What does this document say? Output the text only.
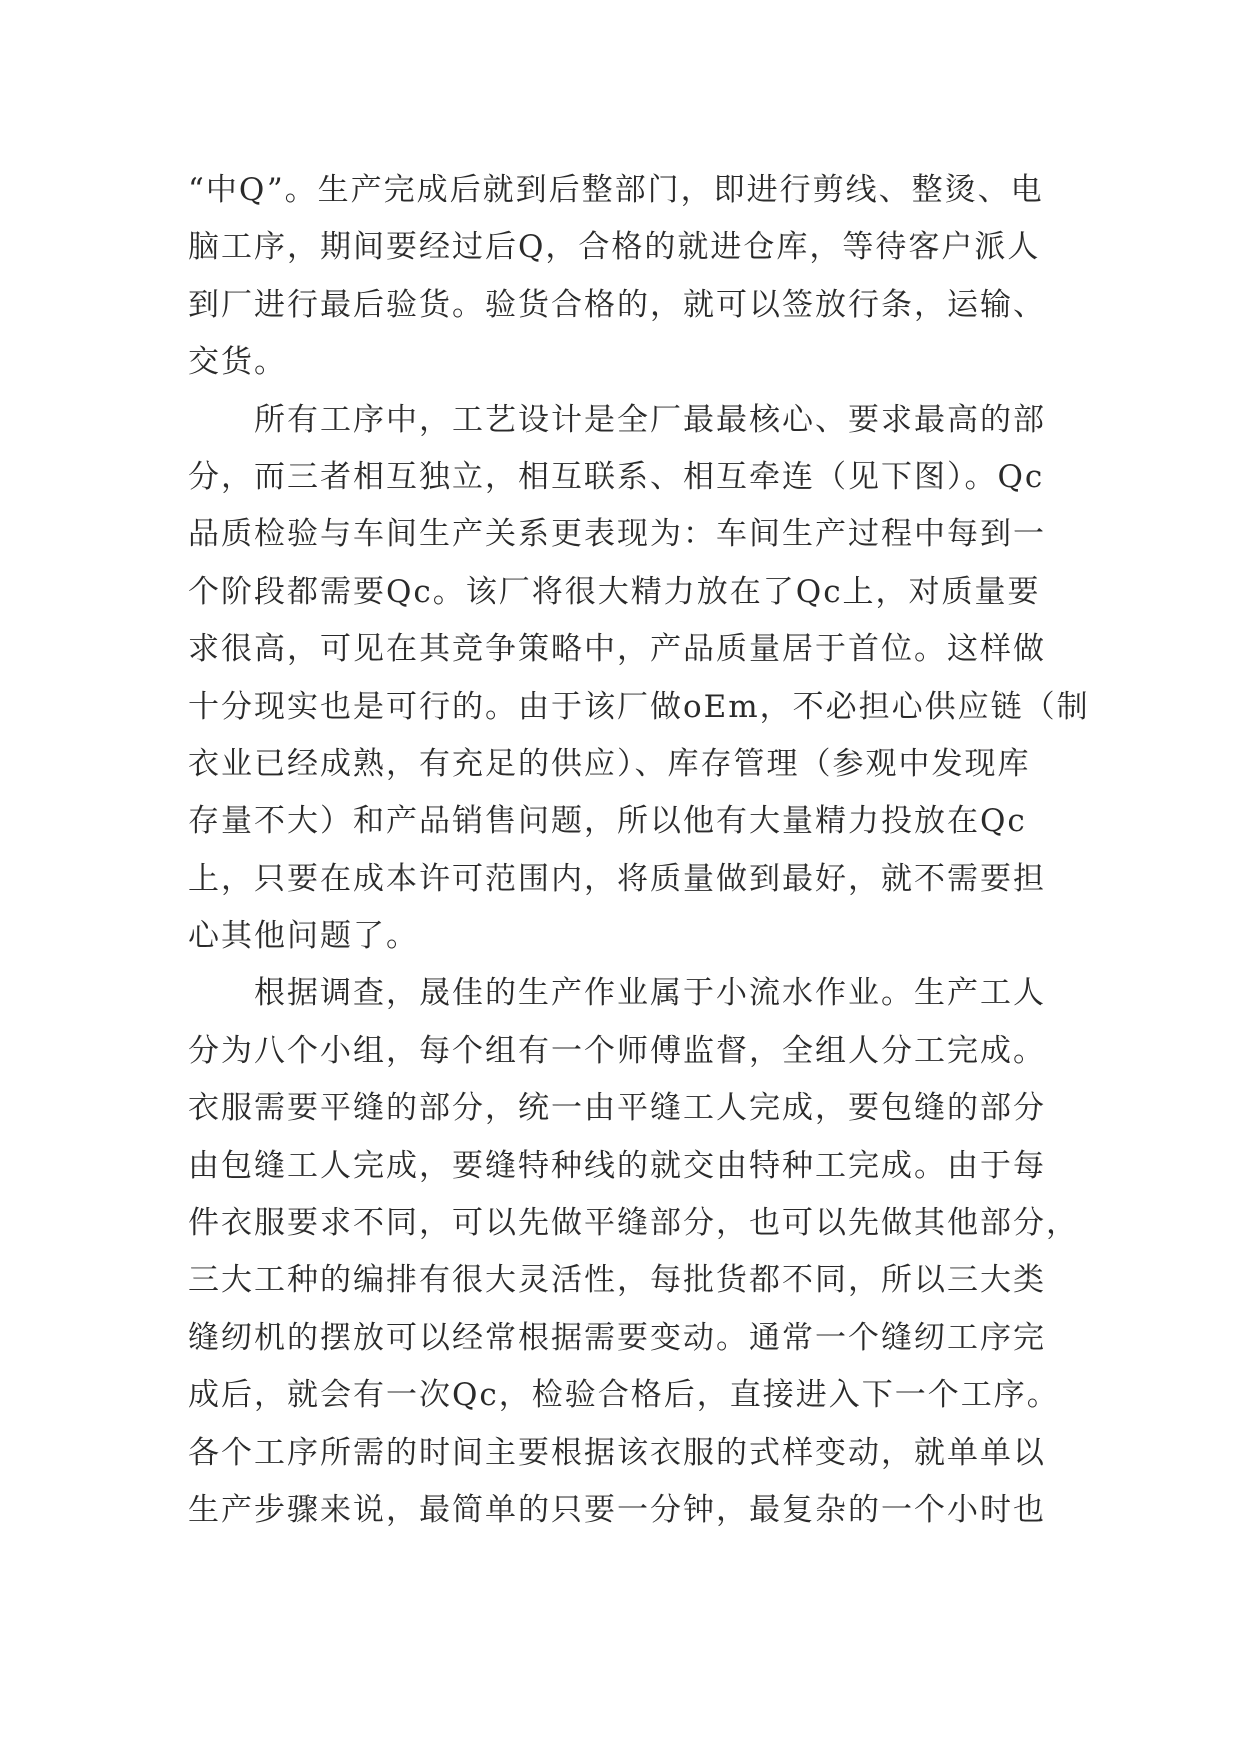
“中Q”。生产完成后就到后整部门，即进行剪线、整烫、电
脑工序，期间要经过后Q，合格的就进仓库，等待客户派人
到厂进行最后验货。验货合格的，就可以签放行条，运输、
交货。
所有工序中，工艺设计是全厂最最核心、要求最高的部
分，而三者相互独立，相互联系、相互牵连（见下图）。Qc
品质检验与车间生产关系更表现为：车间生产过程中每到一
个阶段都需要Qc。该厂将很大精力放在了Qc上，对质量要
求很高，可见在其竞争策略中，产品质量居于首位。这样做
十分现实也是可行的。由于该厂做oEm，不必担心供应链（制
衣业已经成熟，有充足的供应）、库存管理（参观中发现库
存量不大）和产品销售问题，所以他有大量精力投放在Qc
上，只要在成本许可范围内，将质量做到最好，就不需要担
心其他问题了。
根据调查，晟佳的生产作业属于小流水作业。生产工人
分为八个小组，每个组有一个师傅监督，全组人分工完成。
衣服需要平缝的部分，统一由平缝工人完成，要包缝的部分
由包缝工人完成，要缝特种线的就交由特种工完成。由于每
件衣服要求不同，可以先做平缝部分，也可以先做其他部分，
三大工种的编排有很大灵活性，每批货都不同，所以三大类
缝纫机的摆放可以经常根据需要变动。通常一个缝纫工序完
成后，就会有一次Qc，检验合格后，直接进入下一个工序。
各个工序所需的时间主要根据该衣服的式样变动，就单单以
生产步骤来说，最简单的只要一分钟，最复杂的一个小时也
